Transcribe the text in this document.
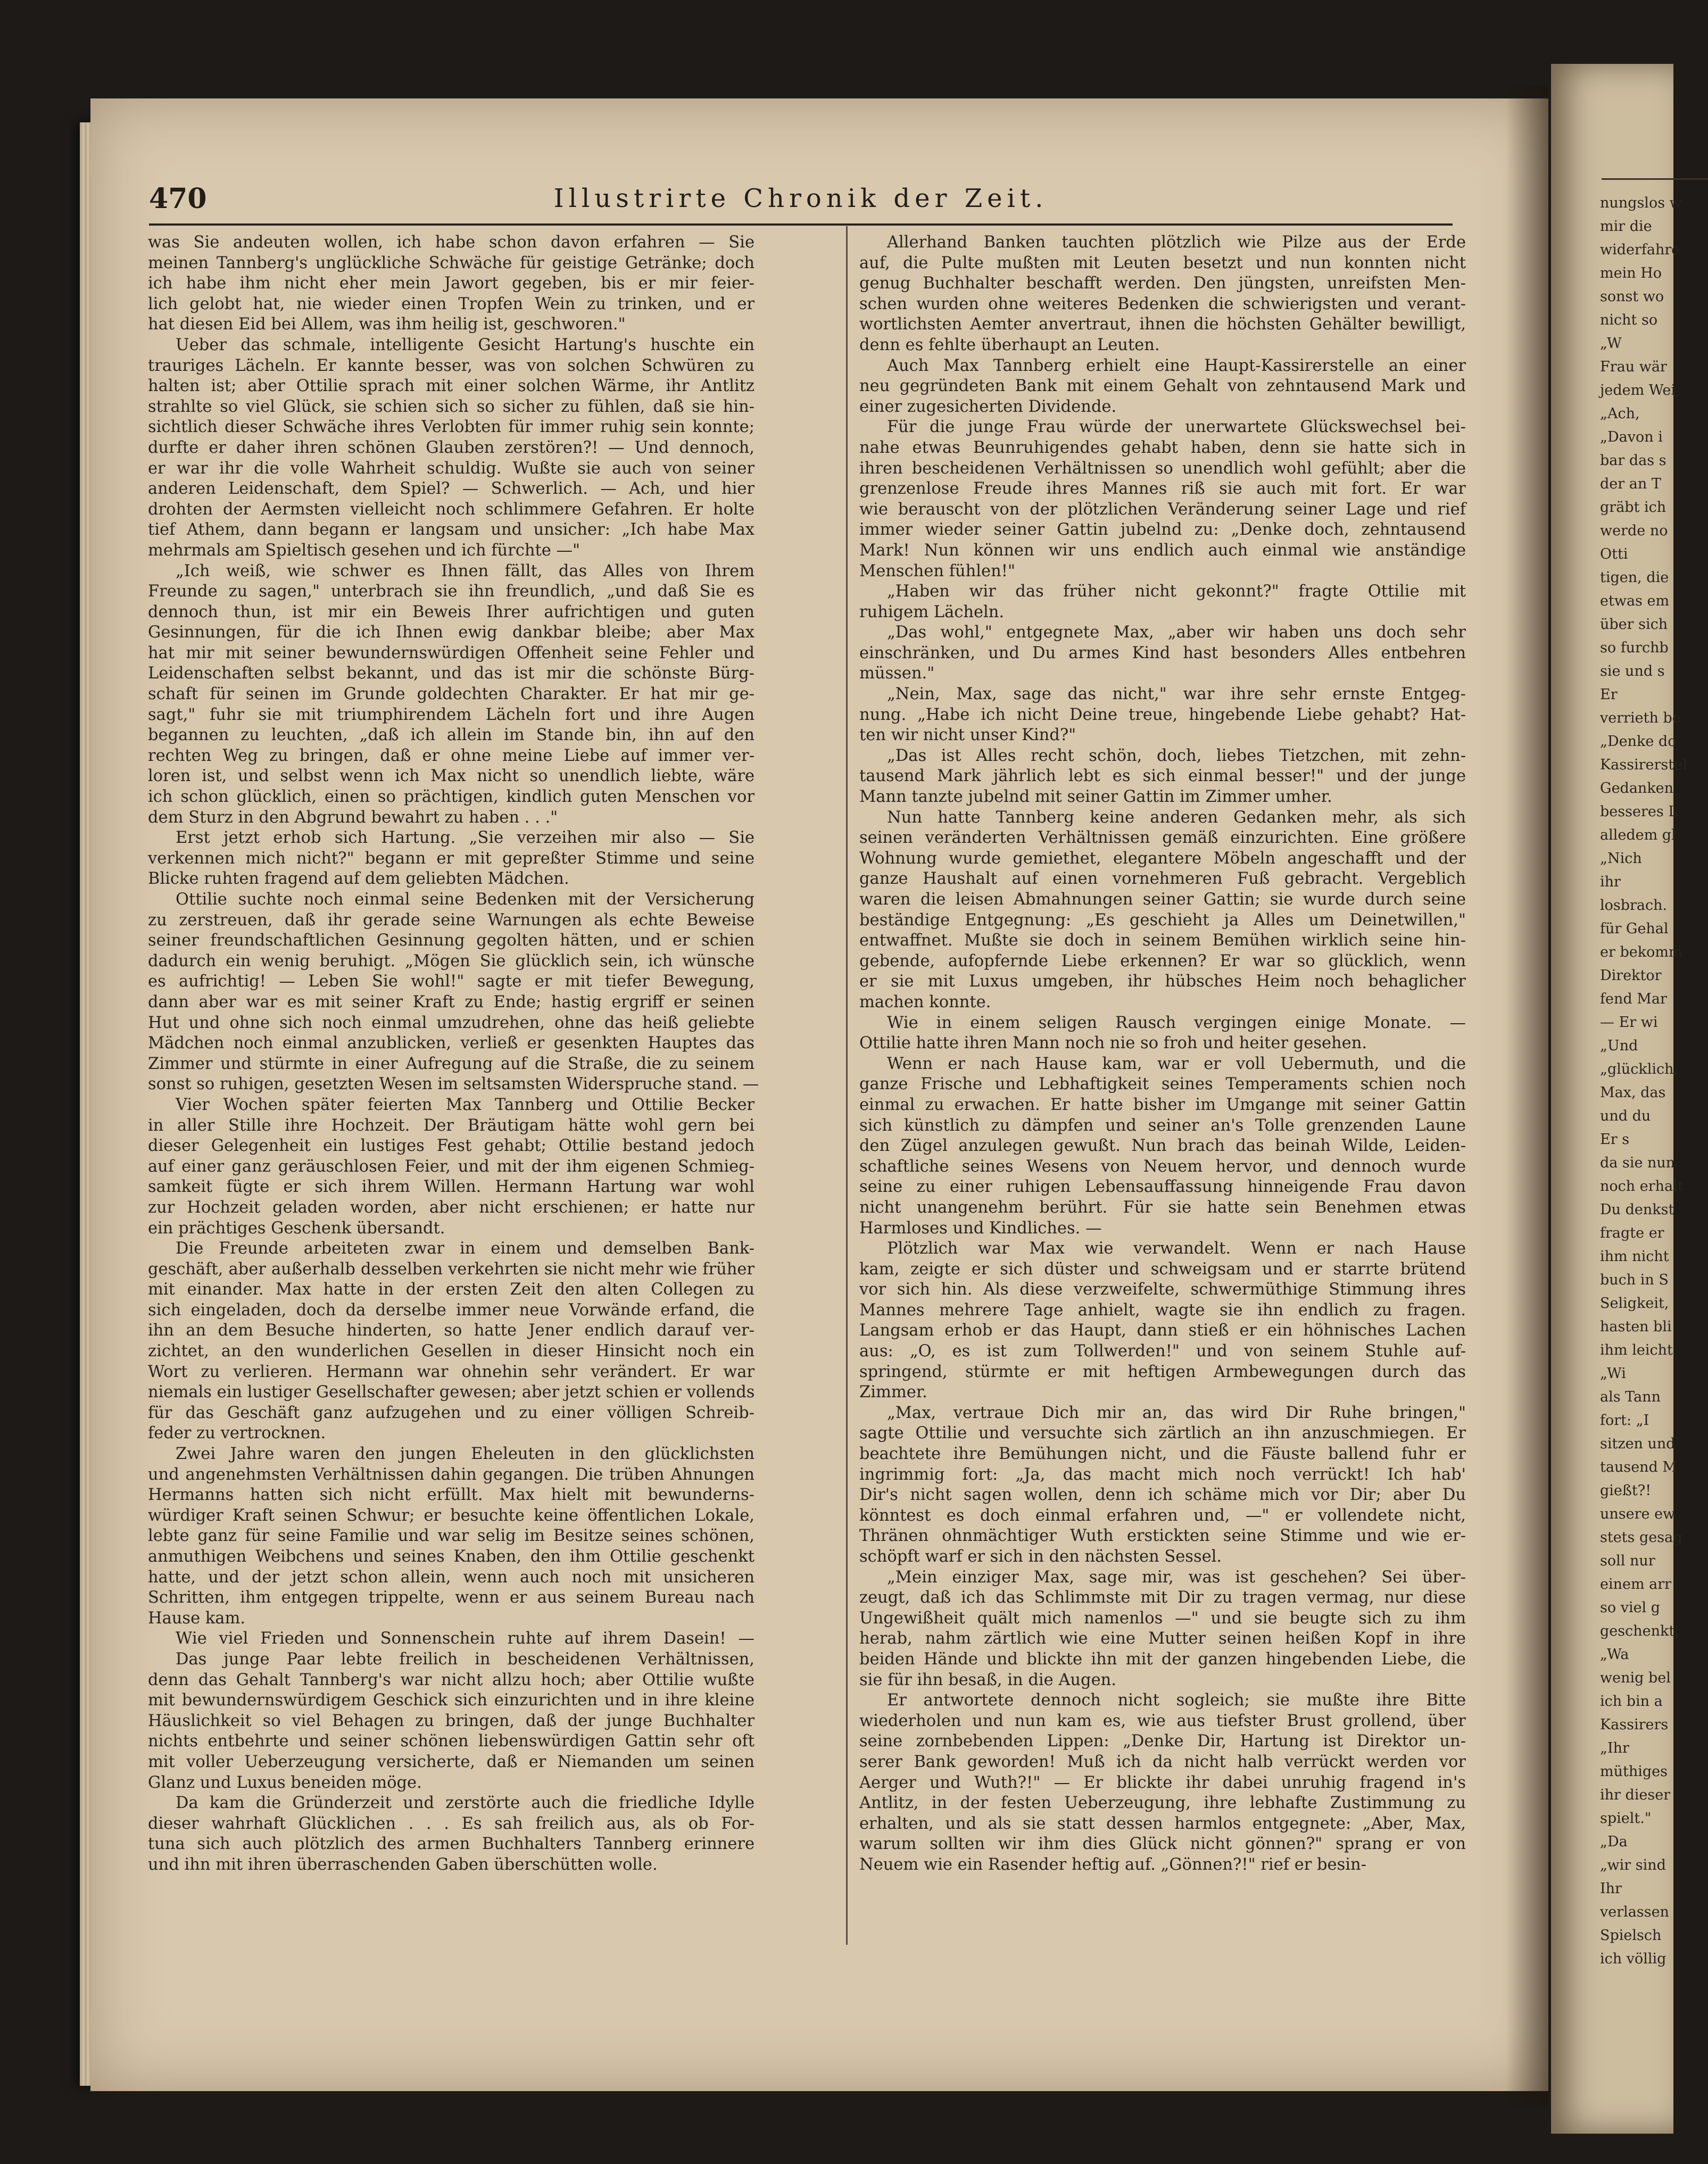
nungslos w

mir die

widerfahre

mein Ho

sonst wo

nicht so

„W

Frau wär

jedem Wei

„Ach,

„Davon i

bar das s

der an T

gräbt ich

werde no

Otti

tigen, die

etwas em

über sich

so furchb

sie und s

Er

verrieth be

„Denke do

Kassirerstel

Gedanken

besseres L

alledem gl

„Nich

ihr

losbrach.

für Gehal

er bekomm

Direktor

fend Mar

— Er wi

„Und

„glücklich,

Max, das

und du

Er s

da sie nun

noch erhalt

Du denkst

fragte er

ihm nicht

buch in S

Seligkeit,

hasten bli

ihm leicht

„Wi

als Tann

fort: „I

sitzen und

tausend M

gießt?!

unsere ew

stets gesag

soll nur

einem arr

so viel g

geschenkt,

„Wa

wenig bel

ich bin a

Kassirers

„Ihr

müthiges

ihr dieser

spielt."

„Da

„wir sind

Ihr

verlassen

Spielsch

ich völlig

470	Illustrirte Chronik der Zeit.
was Sie andeuten wollen, ich habe schon davon erfahren — Sie
meinen Tannberg's unglückliche Schwäche für geistige Getränke; doch
ich habe ihm nicht eher mein Jawort gegeben, bis er mir feier-
lich gelobt hat, nie wieder einen Tropfen Wein zu trinken, und er
hat diesen Eid bei Allem, was ihm heilig ist, geschworen."
Ueber das schmale, intelligente Gesicht Hartung's huschte ein
trauriges Lächeln. Er kannte besser, was von solchen Schwüren zu
halten ist; aber Ottilie sprach mit einer solchen Wärme, ihr Antlitz
strahlte so viel Glück, sie schien sich so sicher zu fühlen, daß sie hin-
sichtlich dieser Schwäche ihres Verlobten für immer ruhig sein konnte;
durfte er daher ihren schönen Glauben zerstören?! — Und dennoch,
er war ihr die volle Wahrheit schuldig. Wußte sie auch von seiner
anderen Leidenschaft, dem Spiel? — Schwerlich. — Ach, und hier
drohten der Aermsten vielleicht noch schlimmere Gefahren. Er holte
tief Athem, dann begann er langsam und unsicher: „Ich habe Max
mehrmals am Spieltisch gesehen und ich fürchte —"
„Ich weiß, wie schwer es Ihnen fällt, das Alles von Ihrem
Freunde zu sagen," unterbrach sie ihn freundlich, „und daß Sie es
dennoch thun, ist mir ein Beweis Ihrer aufrichtigen und guten
Gesinnungen, für die ich Ihnen ewig dankbar bleibe; aber Max
hat mir mit seiner bewundernswürdigen Offenheit seine Fehler und
Leidenschaften selbst bekannt, und das ist mir die schönste Bürg-
schaft für seinen im Grunde goldechten Charakter. Er hat mir ge-
sagt," fuhr sie mit triumphirendem Lächeln fort und ihre Augen
begannen zu leuchten, „daß ich allein im Stande bin, ihn auf den
rechten Weg zu bringen, daß er ohne meine Liebe auf immer ver-
loren ist, und selbst wenn ich Max nicht so unendlich liebte, wäre
ich schon glücklich, einen so prächtigen, kindlich guten Menschen vor
dem Sturz in den Abgrund bewahrt zu haben . . ."
Erst jetzt erhob sich Hartung. „Sie verzeihen mir also — Sie
verkennen mich nicht?" begann er mit gepreßter Stimme und seine
Blicke ruhten fragend auf dem geliebten Mädchen.
Ottilie suchte noch einmal seine Bedenken mit der Versicherung
zu zerstreuen, daß ihr gerade seine Warnungen als echte Beweise
seiner freundschaftlichen Gesinnung gegolten hätten, und er schien
dadurch ein wenig beruhigt. „Mögen Sie glücklich sein, ich wünsche
es aufrichtig! — Leben Sie wohl!" sagte er mit tiefer Bewegung,
dann aber war es mit seiner Kraft zu Ende; hastig ergriff er seinen
Hut und ohne sich noch einmal umzudrehen, ohne das heiß geliebte
Mädchen noch einmal anzublicken, verließ er gesenkten Hauptes das
Zimmer und stürmte in einer Aufregung auf die Straße, die zu seinem
sonst so ruhigen, gesetzten Wesen im seltsamsten Widerspruche stand. —
Vier Wochen später feierten Max Tannberg und Ottilie Becker
in aller Stille ihre Hochzeit. Der Bräutigam hätte wohl gern bei
dieser Gelegenheit ein lustiges Fest gehabt; Ottilie bestand jedoch
auf einer ganz geräuschlosen Feier, und mit der ihm eigenen Schmieg-
samkeit fügte er sich ihrem Willen. Hermann Hartung war wohl
zur Hochzeit geladen worden, aber nicht erschienen; er hatte nur
ein prächtiges Geschenk übersandt.
Die Freunde arbeiteten zwar in einem und demselben Bank-
geschäft, aber außerhalb desselben verkehrten sie nicht mehr wie früher
mit einander. Max hatte in der ersten Zeit den alten Collegen zu
sich eingeladen, doch da derselbe immer neue Vorwände erfand, die
ihn an dem Besuche hinderten, so hatte Jener endlich darauf ver-
zichtet, an den wunderlichen Gesellen in dieser Hinsicht noch ein
Wort zu verlieren. Hermann war ohnehin sehr verändert. Er war
niemals ein lustiger Gesellschafter gewesen; aber jetzt schien er vollends
für das Geschäft ganz aufzugehen und zu einer völligen Schreib-
feder zu vertrocknen.
Zwei Jahre waren den jungen Eheleuten in den glücklichsten
und angenehmsten Verhältnissen dahin gegangen. Die trüben Ahnungen
Hermanns hatten sich nicht erfüllt. Max hielt mit bewunderns-
würdiger Kraft seinen Schwur; er besuchte keine öffentlichen Lokale,
lebte ganz für seine Familie und war selig im Besitze seines schönen,
anmuthigen Weibchens und seines Knaben, den ihm Ottilie geschenkt
hatte, und der jetzt schon allein, wenn auch noch mit unsicheren
Schritten, ihm entgegen trippelte, wenn er aus seinem Bureau nach
Hause kam.
Wie viel Frieden und Sonnenschein ruhte auf ihrem Dasein! —
Das junge Paar lebte freilich in bescheidenen Verhältnissen,
denn das Gehalt Tannberg's war nicht allzu hoch; aber Ottilie wußte
mit bewundernswürdigem Geschick sich einzurichten und in ihre kleine
Häuslichkeit so viel Behagen zu bringen, daß der junge Buchhalter
nichts entbehrte und seiner schönen liebenswürdigen Gattin sehr oft
mit voller Ueberzeugung versicherte, daß er Niemanden um seinen
Glanz und Luxus beneiden möge.
Da kam die Gründerzeit und zerstörte auch die friedliche Idylle
dieser wahrhaft Glücklichen . . . Es sah freilich aus, als ob For-
tuna sich auch plötzlich des armen Buchhalters Tannberg erinnere
und ihn mit ihren überraschenden Gaben überschütten wolle.
Allerhand Banken tauchten plötzlich wie Pilze aus der Erde
auf, die Pulte mußten mit Leuten besetzt und nun konnten nicht
genug Buchhalter beschafft werden. Den jüngsten, unreifsten Men-
schen wurden ohne weiteres Bedenken die schwierigsten und verant-
wortlichsten Aemter anvertraut, ihnen die höchsten Gehälter bewilligt,
denn es fehlte überhaupt an Leuten.
Auch Max Tannberg erhielt eine Haupt-Kassirerstelle an einer
neu gegründeten Bank mit einem Gehalt von zehntausend Mark und
einer zugesicherten Dividende.
Für die junge Frau würde der unerwartete Glückswechsel bei-
nahe etwas Beunruhigendes gehabt haben, denn sie hatte sich in
ihren bescheidenen Verhältnissen so unendlich wohl gefühlt; aber die
grenzenlose Freude ihres Mannes riß sie auch mit fort. Er war
wie berauscht von der plötzlichen Veränderung seiner Lage und rief
immer wieder seiner Gattin jubelnd zu: „Denke doch, zehntausend
Mark! Nun können wir uns endlich auch einmal wie anständige
Menschen fühlen!"
„Haben wir das früher nicht gekonnt?" fragte Ottilie mit
ruhigem Lächeln.
„Das wohl," entgegnete Max, „aber wir haben uns doch sehr
einschränken, und Du armes Kind hast besonders Alles entbehren
müssen."
„Nein, Max, sage das nicht," war ihre sehr ernste Entgeg-
nung. „Habe ich nicht Deine treue, hingebende Liebe gehabt? Hat-
ten wir nicht unser Kind?"
„Das ist Alles recht schön, doch, liebes Tietzchen, mit zehn-
tausend Mark jährlich lebt es sich einmal besser!" und der junge
Mann tanzte jubelnd mit seiner Gattin im Zimmer umher.
Nun hatte Tannberg keine anderen Gedanken mehr, als sich
seinen veränderten Verhältnissen gemäß einzurichten. Eine größere
Wohnung wurde gemiethet, elegantere Möbeln angeschafft und der
ganze Haushalt auf einen vornehmeren Fuß gebracht. Vergeblich
waren die leisen Abmahnungen seiner Gattin; sie wurde durch seine
beständige Entgegnung: „Es geschieht ja Alles um Deinetwillen,"
entwaffnet. Mußte sie doch in seinem Bemühen wirklich seine hin-
gebende, aufopfernde Liebe erkennen? Er war so glücklich, wenn
er sie mit Luxus umgeben, ihr hübsches Heim noch behaglicher
machen konnte.
Wie in einem seligen Rausch vergingen einige Monate. —
Ottilie hatte ihren Mann noch nie so froh und heiter gesehen.
Wenn er nach Hause kam, war er voll Uebermuth, und die
ganze Frische und Lebhaftigkeit seines Temperaments schien noch
einmal zu erwachen. Er hatte bisher im Umgange mit seiner Gattin
sich künstlich zu dämpfen und seiner an's Tolle grenzenden Laune
den Zügel anzulegen gewußt. Nun brach das beinah Wilde, Leiden-
schaftliche seines Wesens von Neuem hervor, und dennoch wurde
seine zu einer ruhigen Lebensauffassung hinneigende Frau davon
nicht unangenehm berührt. Für sie hatte sein Benehmen etwas
Harmloses und Kindliches. —
Plötzlich war Max wie verwandelt. Wenn er nach Hause
kam, zeigte er sich düster und schweigsam und er starrte brütend
vor sich hin. Als diese verzweifelte, schwermüthige Stimmung ihres
Mannes mehrere Tage anhielt, wagte sie ihn endlich zu fragen.
Langsam erhob er das Haupt, dann stieß er ein höhnisches Lachen
aus: „O, es ist zum Tollwerden!" und von seinem Stuhle auf-
springend, stürmte er mit heftigen Armbewegungen durch das
Zimmer.
„Max, vertraue Dich mir an, das wird Dir Ruhe bringen,"
sagte Ottilie und versuchte sich zärtlich an ihn anzuschmiegen. Er
beachtete ihre Bemühungen nicht, und die Fäuste ballend fuhr er
ingrimmig fort: „Ja, das macht mich noch verrückt! Ich hab'
Dir's nicht sagen wollen, denn ich schäme mich vor Dir; aber Du
könntest es doch einmal erfahren und, —" er vollendete nicht,
Thränen ohnmächtiger Wuth erstickten seine Stimme und wie er-
schöpft warf er sich in den nächsten Sessel.
„Mein einziger Max, sage mir, was ist geschehen? Sei über-
zeugt, daß ich das Schlimmste mit Dir zu tragen vermag, nur diese
Ungewißheit quält mich namenlos —" und sie beugte sich zu ihm
herab, nahm zärtlich wie eine Mutter seinen heißen Kopf in ihre
beiden Hände und blickte ihn mit der ganzen hingebenden Liebe, die
sie für ihn besaß, in die Augen.
Er antwortete dennoch nicht sogleich; sie mußte ihre Bitte
wiederholen und nun kam es, wie aus tiefster Brust grollend, über
seine zornbebenden Lippen: „Denke Dir, Hartung ist Direktor un-
serer Bank geworden! Muß ich da nicht halb verrückt werden vor
Aerger und Wuth?!" — Er blickte ihr dabei unruhig fragend in's
Antlitz, in der festen Ueberzeugung, ihre lebhafte Zustimmung zu
erhalten, und als sie statt dessen harmlos entgegnete: „Aber, Max,
warum sollten wir ihm dies Glück nicht gönnen?" sprang er von
Neuem wie ein Rasender heftig auf. „Gönnen?!" rief er besin-
